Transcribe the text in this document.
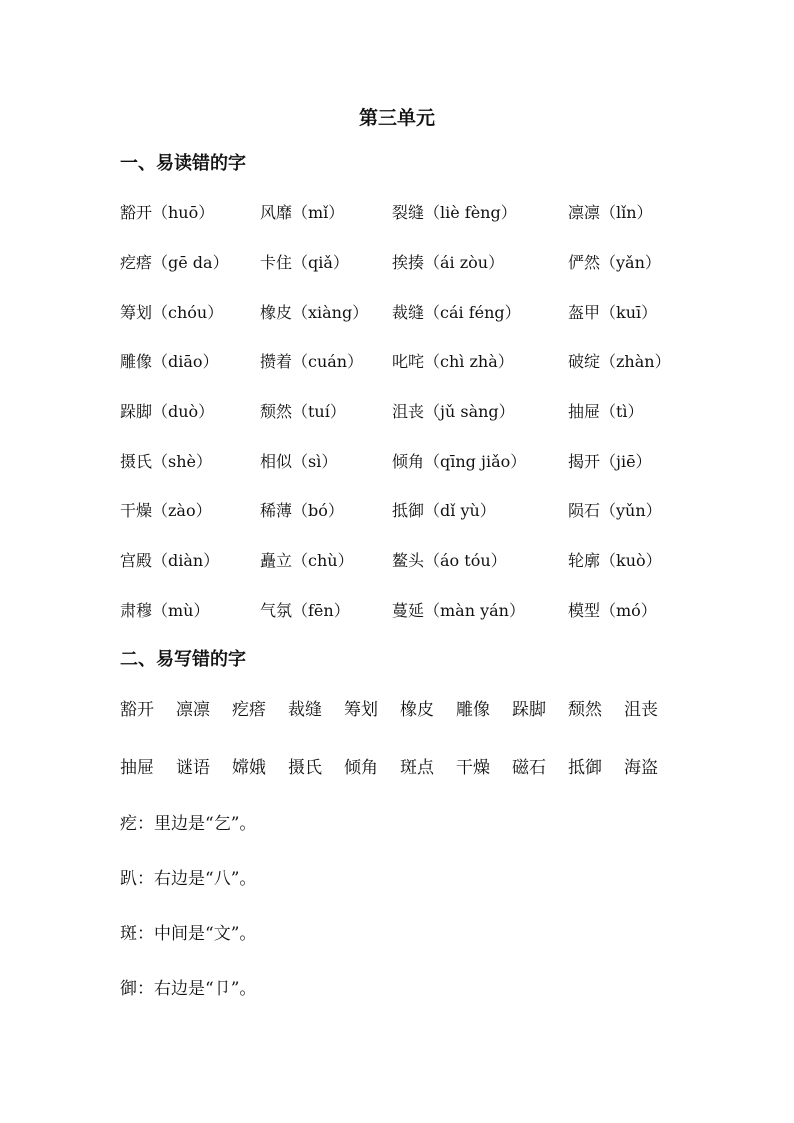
第三单元
一、易读错的字
豁开（huō）	风靡（mǐ）	裂缝（liè fèng）	凛凛（lǐn）
疙瘩（gē da） 卡住（qiǎ）	挨揍（ái zòu）	俨然（yǎn）
筹划（chóu） 橡皮（xiàng） 裁缝（cái féng）	盔甲（kuī）
雕像（diāo）	攒着（cuán） 叱咤（chì zhà）	破绽（zhàn）
跺脚（duò）	颓然（tuí）	沮丧（jǔ sàng）	抽屉（tì）
摄氏（shè）	相似（sì）	倾角（qīng jiǎo）	揭开（jiē）
干燥（zào）	稀薄（bó）	抵御（dǐ yù）	陨石（yǔn）
宫殿（diàn）	矗立（chù） 鳌头（áo tóu）	轮廓（kuò）
肃穆（mù）	气氛（fēn）	蔓延（màn yán）	模型（mó）
二、易写错的字
豁开 凛凛 疙瘩 裁缝 筹划 橡皮 雕像 跺脚 颓然 沮丧
抽屉 谜语 嫦娥 摄氏 倾角 斑点 干燥 磁石 抵御 海盗
疙：里边是“乞”。
趴：右边是“八”。
斑：中间是“文”。
御：右边是“卩”。
